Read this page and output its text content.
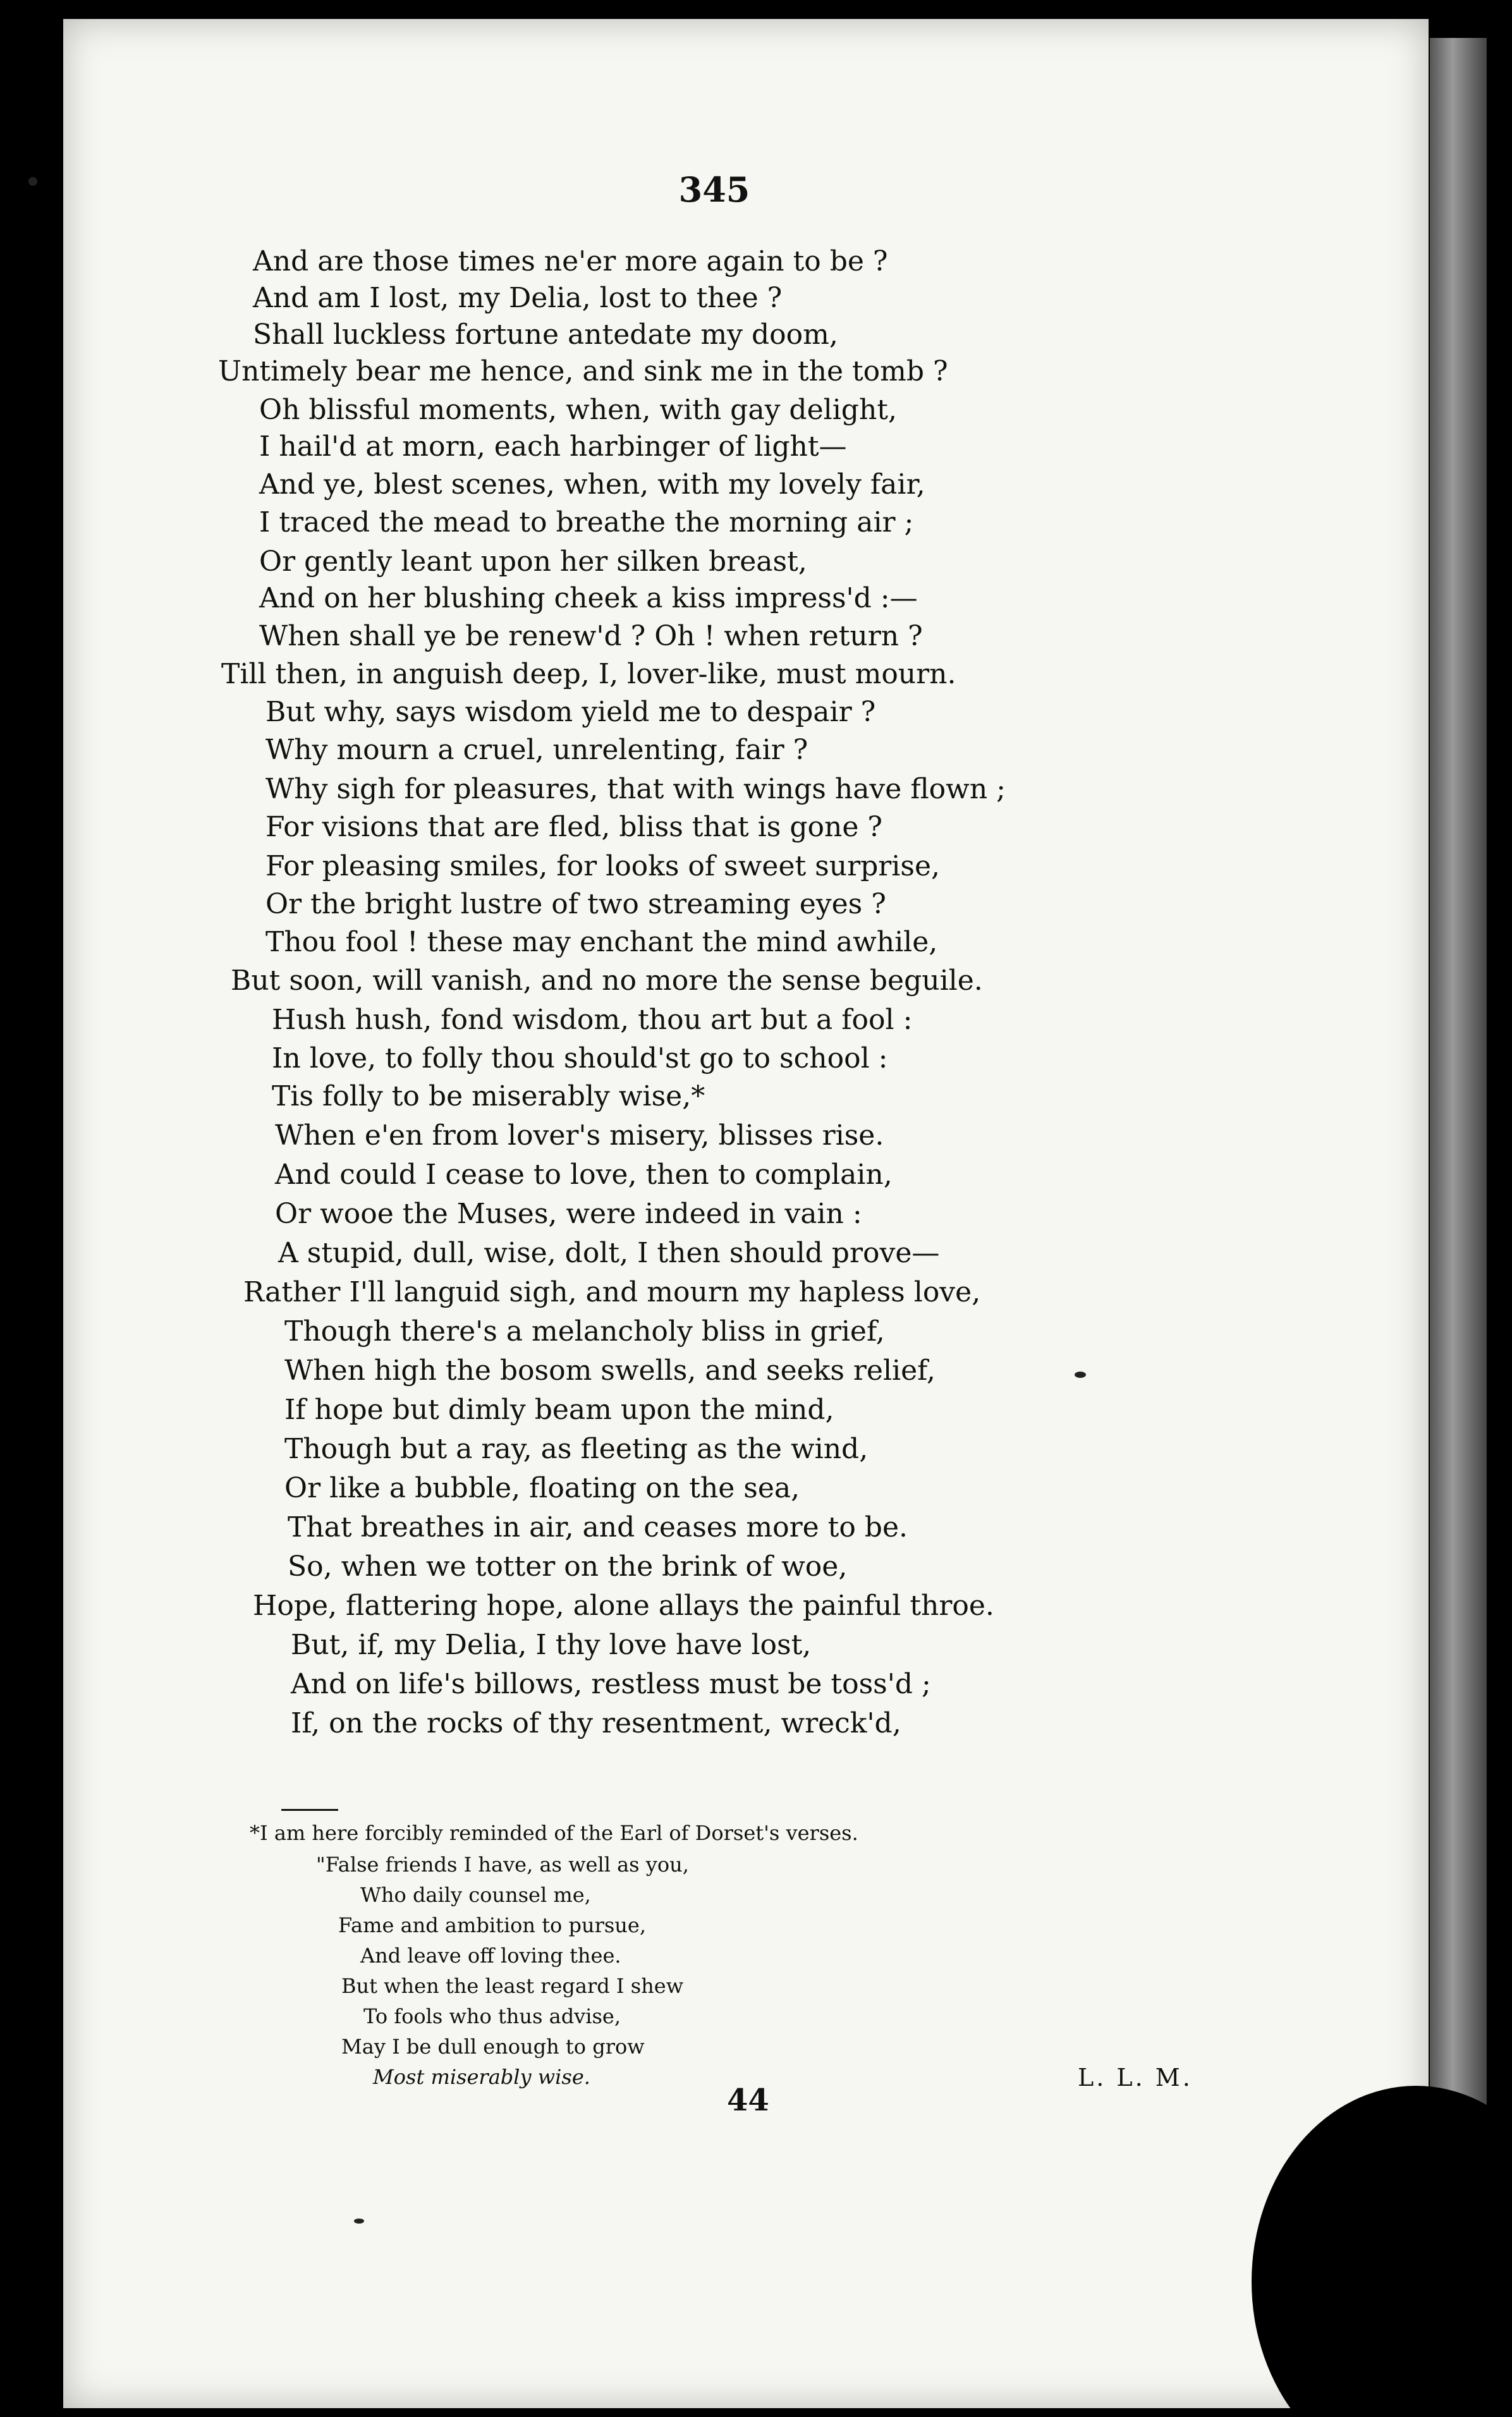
345
And are those times ne'er more again to be ?
And am I lost, my Delia, lost to thee ?
Shall luckless fortune antedate my doom,
Untimely bear me hence, and sink me in the tomb ?
Oh blissful moments, when, with gay delight,
I hail'd at morn, each harbinger of light—
And ye, blest scenes, when, with my lovely fair,
I traced the mead to breathe the morning air ;
Or gently leant upon her silken breast,
And on her blushing cheek a kiss impress'd :—
When shall ye be renew'd ? Oh ! when return ?
Till then, in anguish deep, I, lover-like, must mourn.
But why, says wisdom yield me to despair ?
Why mourn a cruel, unrelenting, fair ?
Why sigh for pleasures, that with wings have flown ;
For visions that are fled, bliss that is gone ?
For pleasing smiles, for looks of sweet surprise,
Or the bright lustre of two streaming eyes ?
Thou fool ! these may enchant the mind awhile,
But soon, will vanish, and no more the sense beguile.
Hush hush, fond wisdom, thou art but a fool :
In love, to folly thou should'st go to school :
Tis folly to be miserably wise,*
When e'en from lover's misery, blisses rise.
And could I cease to love, then to complain,
Or wooe the Muses, were indeed in vain :
A stupid, dull, wise, dolt, I then should prove—
Rather I'll languid sigh, and mourn my hapless love,
Though there's a melancholy bliss in grief,
When high the bosom swells, and seeks relief,
If hope but dimly beam upon the mind,
Though but a ray, as fleeting as the wind,
Or like a bubble, floating on the sea,
That breathes in air, and ceases more to be.
So, when we totter on the brink of woe,
Hope, flattering hope, alone allays the painful throe.
But, if, my Delia, I thy love have lost,
And on life's billows, restless must be toss'd ;
If, on the rocks of thy resentment, wreck'd,
*I am here forcibly reminded of the Earl of Dorset's verses.
"False friends I have, as well as you,
Who daily counsel me,
Fame and ambition to pursue,
And leave off loving thee.
But when the least regard I shew
To fools who thus advise,
May I be dull enough to grow
Most miserably wise.	L. L. M.
44
